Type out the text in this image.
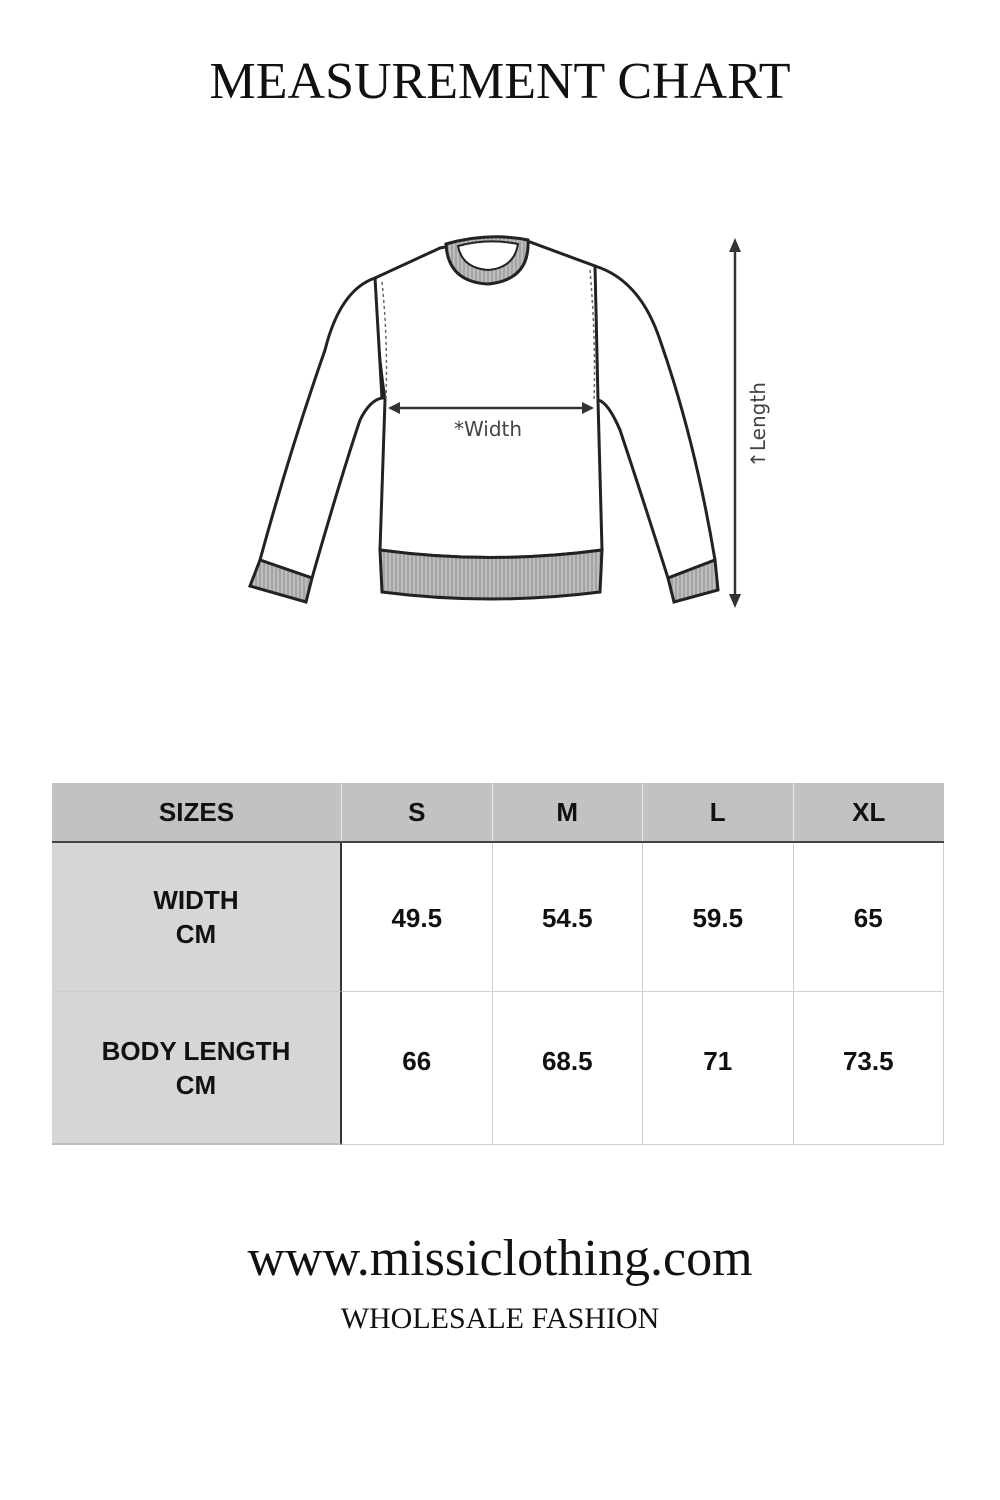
MEASUREMENT CHART
*Width	↑Length
SIZES	S	M	L	XL
WIDTH
CM
49.5	54.5	59.5	65
BODY LENGTH
CM
66	68.5	71	73.5
www.missiclothing.com
WHOLESALE FASHION
